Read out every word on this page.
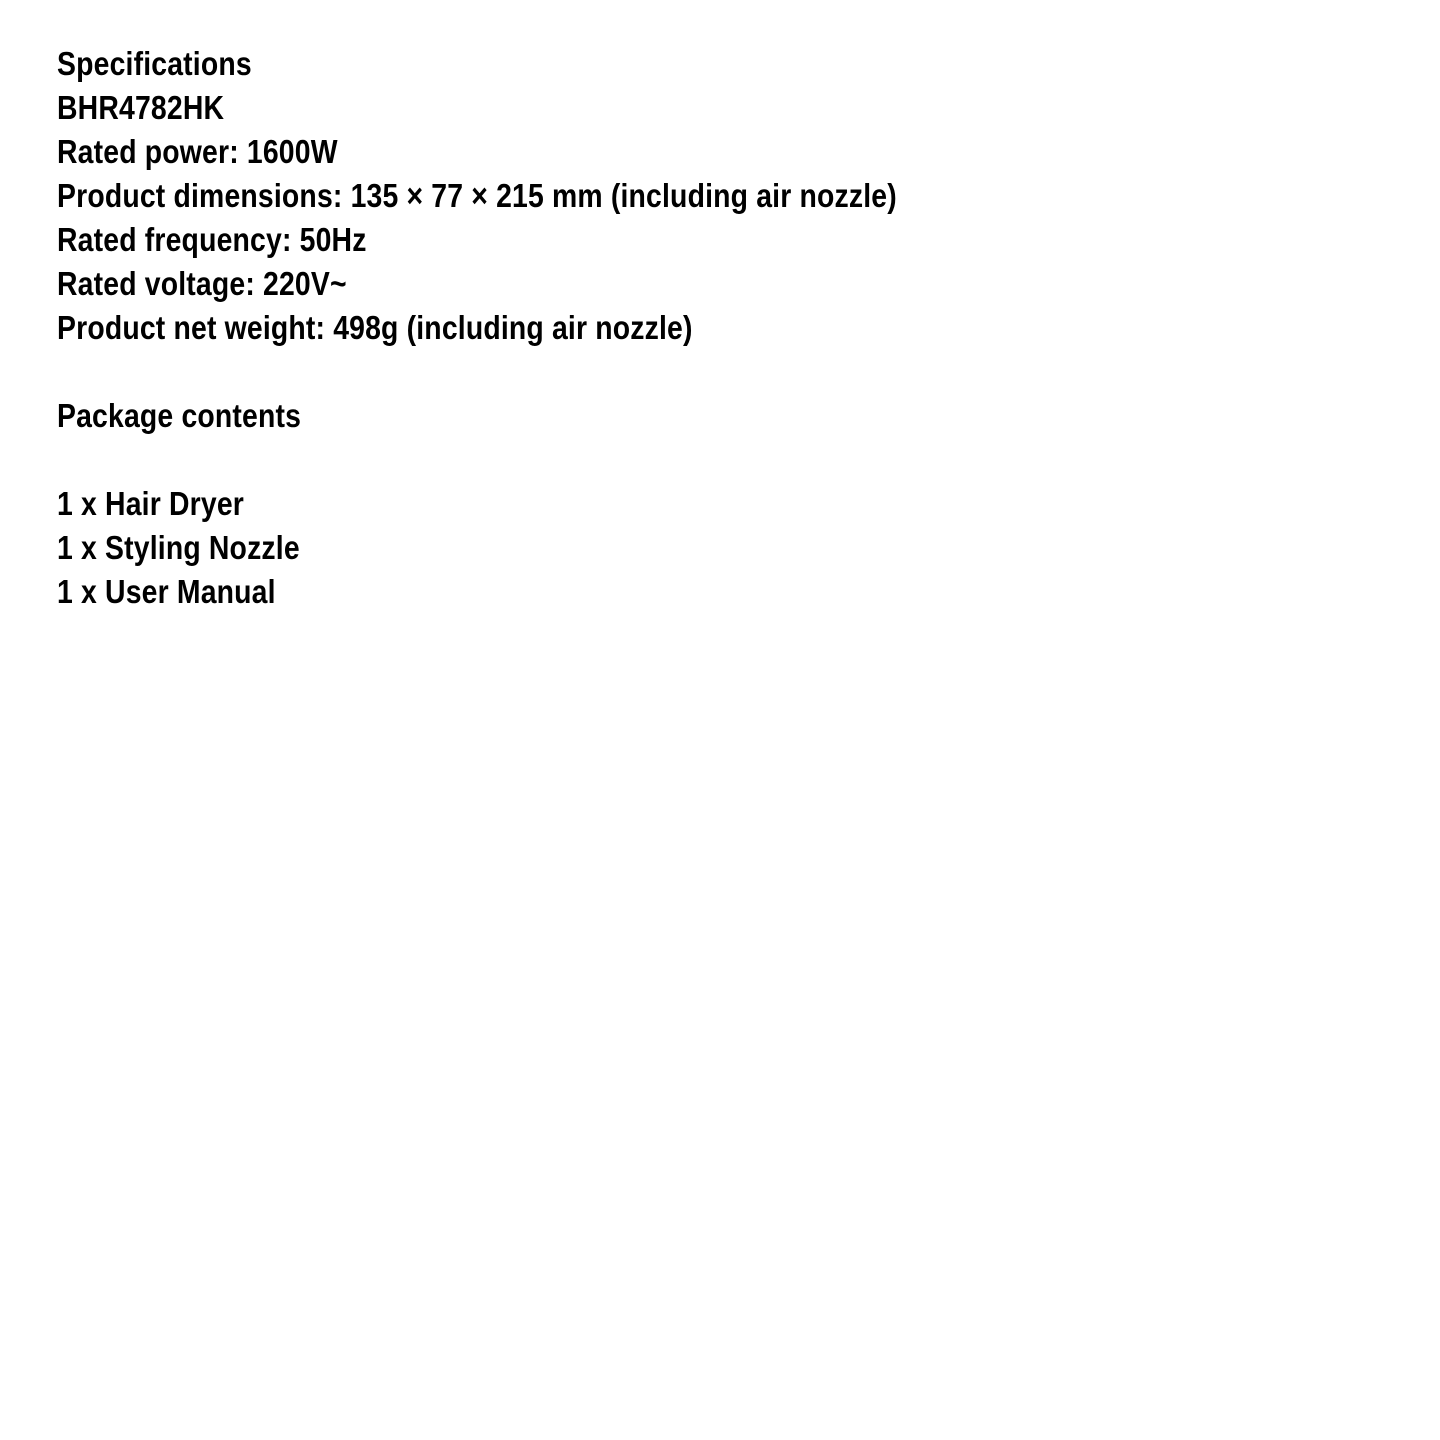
Specifications
BHR4782HK
Rated power: 1600W
Product dimensions: 135 × 77 × 215 mm (including air nozzle)
Rated frequency: 50Hz
Rated voltage: 220V~
Product net weight: 498g (including air nozzle)
Package contents
1 x Hair Dryer
1 x Styling Nozzle
1 x User Manual
